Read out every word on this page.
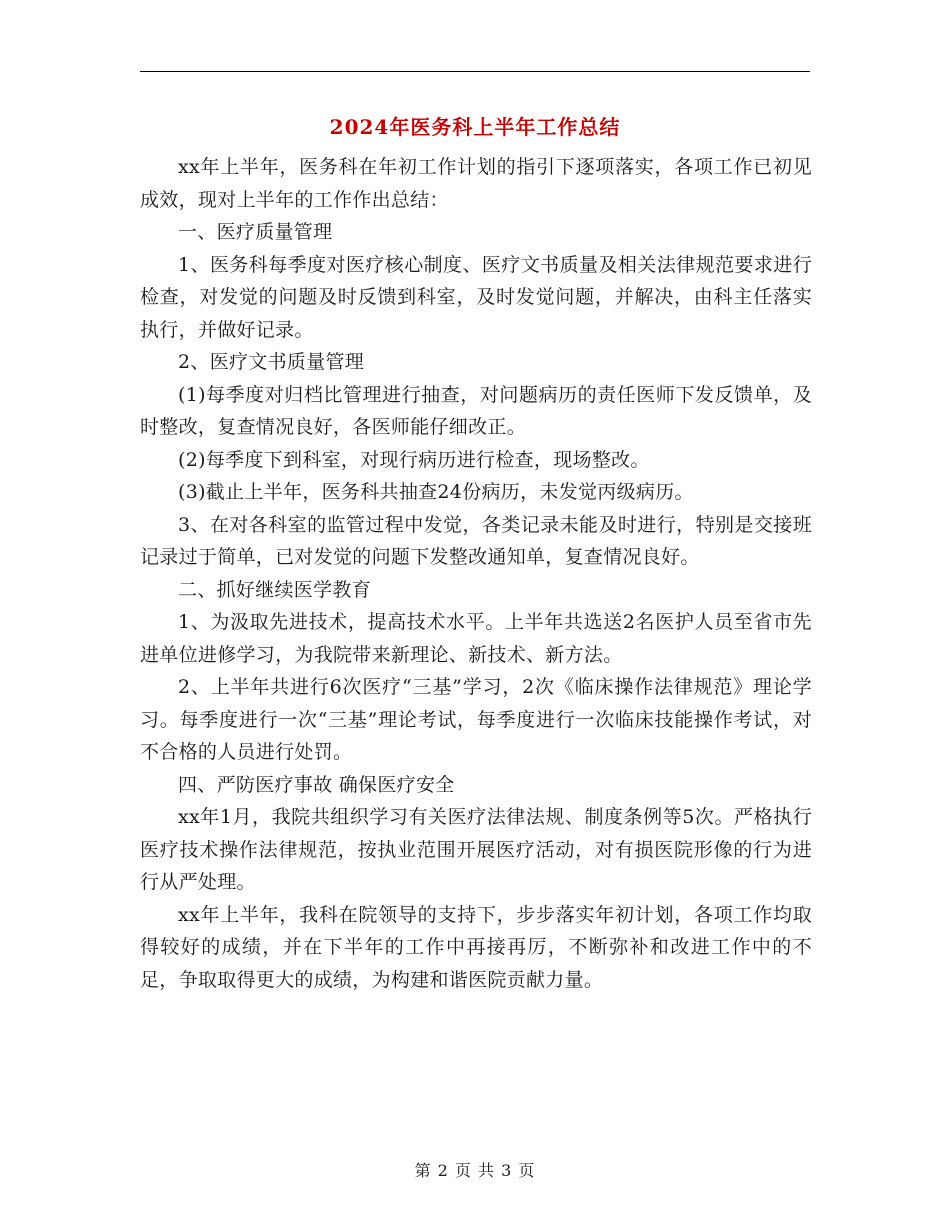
2024年医务科上半年工作总结

xx年上半年，医务科在年初工作计划的指引下逐项落实，各项工作已初见成效，现对上半年的工作作出总结：

一、医疗质量管理

1、医务科每季度对医疗核心制度、医疗文书质量及相关法律规范要求进行检查，对发觉的问题及时反馈到科室，及时发觉问题，并解决，由科主任落实执行，并做好记录。

2、医疗文书质量管理

(1)每季度对归档比管理进行抽查，对问题病历的责任医师下发反馈单，及时整改，复查情况良好，各医师能仔细改正。

(2)每季度下到科室，对现行病历进行检查，现场整改。

(3)截止上半年，医务科共抽查24份病历，未发觉丙级病历。

3、在对各科室的监管过程中发觉，各类记录未能及时进行，特别是交接班记录过于简单，已对发觉的问题下发整改通知单，复查情况良好。

二、抓好继续医学教育

1、为汲取先进技术，提高技术水平。上半年共选送2名医护人员至省市先进单位进修学习，为我院带来新理论、新技术、新方法。

2、上半年共进行6次医疗“三基”学习，2次《临床操作法律规范》理论学习。每季度进行一次“三基”理论考试，每季度进行一次临床技能操作考试，对不合格的人员进行处罚。

四、严防医疗事故 确保医疗安全

xx年1月，我院共组织学习有关医疗法律法规、制度条例等5次。严格执行医疗技术操作法律规范，按执业范围开展医疗活动，对有损医院形像的行为进行从严处理。

xx年上半年，我科在院领导的支持下，步步落实年初计划，各项工作均取得较好的成绩，并在下半年的工作中再接再厉，不断弥补和改进工作中的不足，争取取得更大的成绩，为构建和谐医院贡献力量。

第 2 页 共 3 页
